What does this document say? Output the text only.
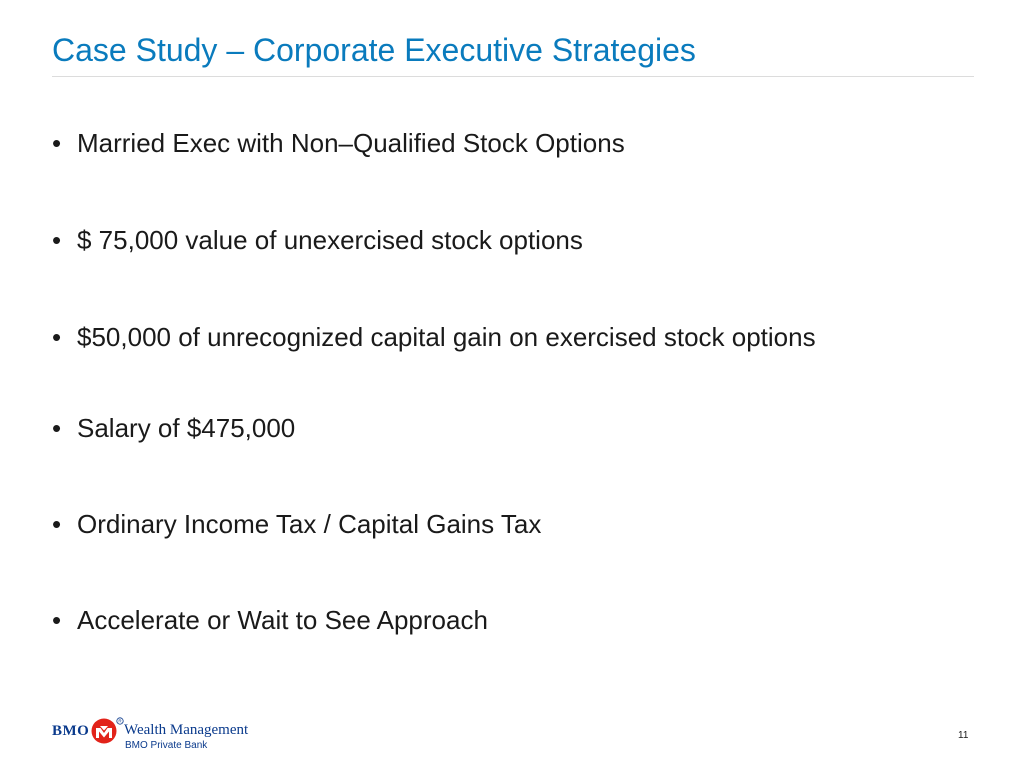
Case Study – Corporate Executive Strategies
• Married Exec with Non–Qualified Stock Options
• $ 75,000 value of unexercised stock options
• $50,000 of unrecognized capital gain on exercised stock options
• Salary of $475,000
• Ordinary Income Tax / Capital Gains Tax
• Accelerate or Wait to See Approach
BMO
R
Wealth Management
BMO Private Bank
11
